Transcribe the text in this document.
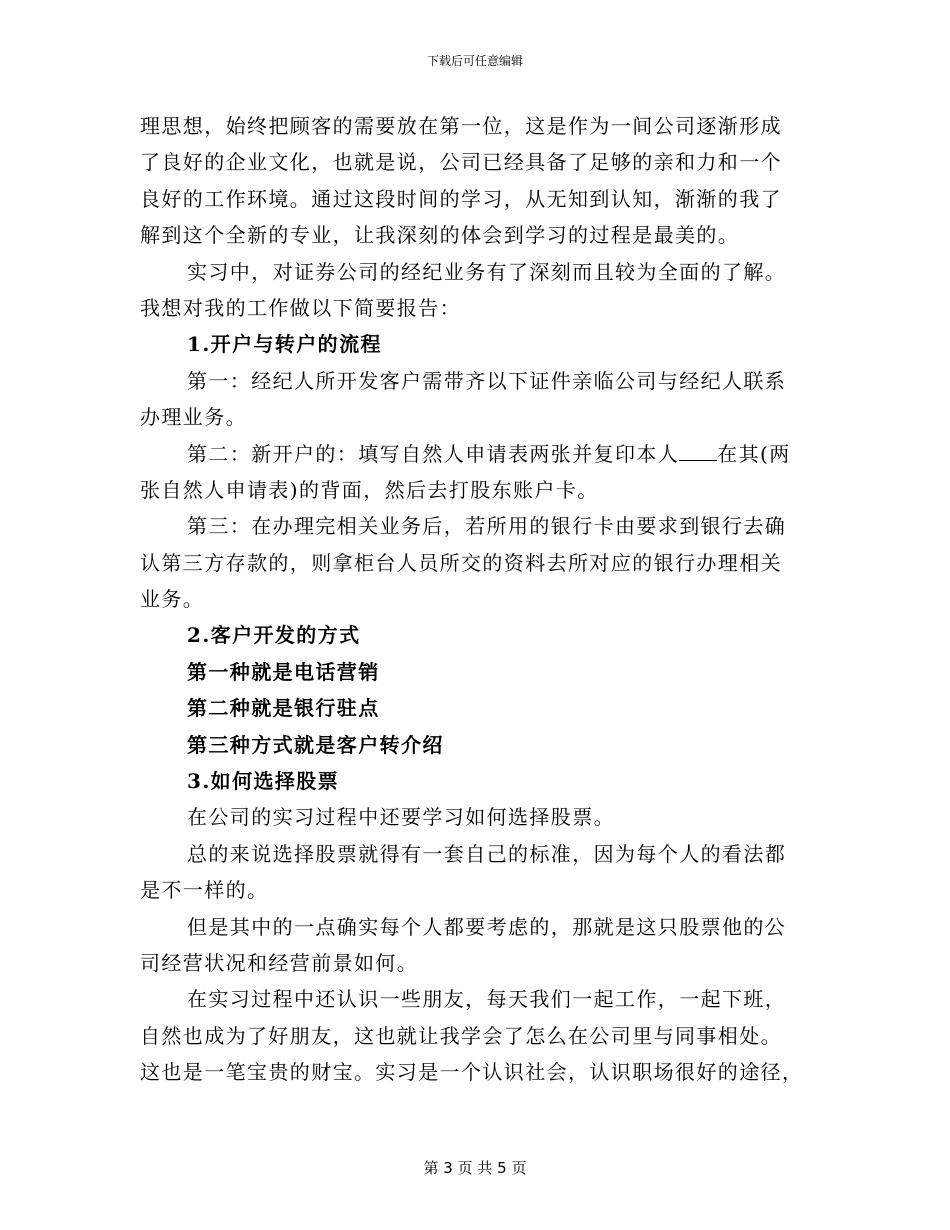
下载后可任意编辑
理思想，始终把顾客的需要放在第一位，这是作为一间公司逐渐形成
了良好的企业文化，也就是说，公司已经具备了足够的亲和力和一个
良好的工作环境。通过这段时间的学习，从无知到认知，渐渐的我了
解到这个全新的专业，让我深刻的体会到学习的过程是最美的。
实习中，对证券公司的经纪业务有了深刻而且较为全面的了解。
我想对我的工作做以下简要报告：
1.开户与转户的流程
第一：经纪人所开发客户需带齐以下证件亲临公司与经纪人联系
办理业务。
第二：新开户的：填写自然人申请表两张并复印本人 在其(两
张自然人申请表)的背面，然后去打股东账户卡。
第三：在办理完相关业务后，若所用的银行卡由要求到银行去确
认第三方存款的，则拿柜台人员所交的资料去所对应的银行办理相关
业务。
2.客户开发的方式
第一种就是电话营销
第二种就是银行驻点
第三种方式就是客户转介绍
3.如何选择股票
在公司的实习过程中还要学习如何选择股票。
总的来说选择股票就得有一套自己的标准，因为每个人的看法都
是不一样的。
但是其中的一点确实每个人都要考虑的，那就是这只股票他的公
司经营状况和经营前景如何。
在实习过程中还认识一些朋友，每天我们一起工作，一起下班，
自然也成为了好朋友，这也就让我学会了怎么在公司里与同事相处。
这也是一笔宝贵的财宝。实习是一个认识社会，认识职场很好的途径，
第 3 页 共 5 页
